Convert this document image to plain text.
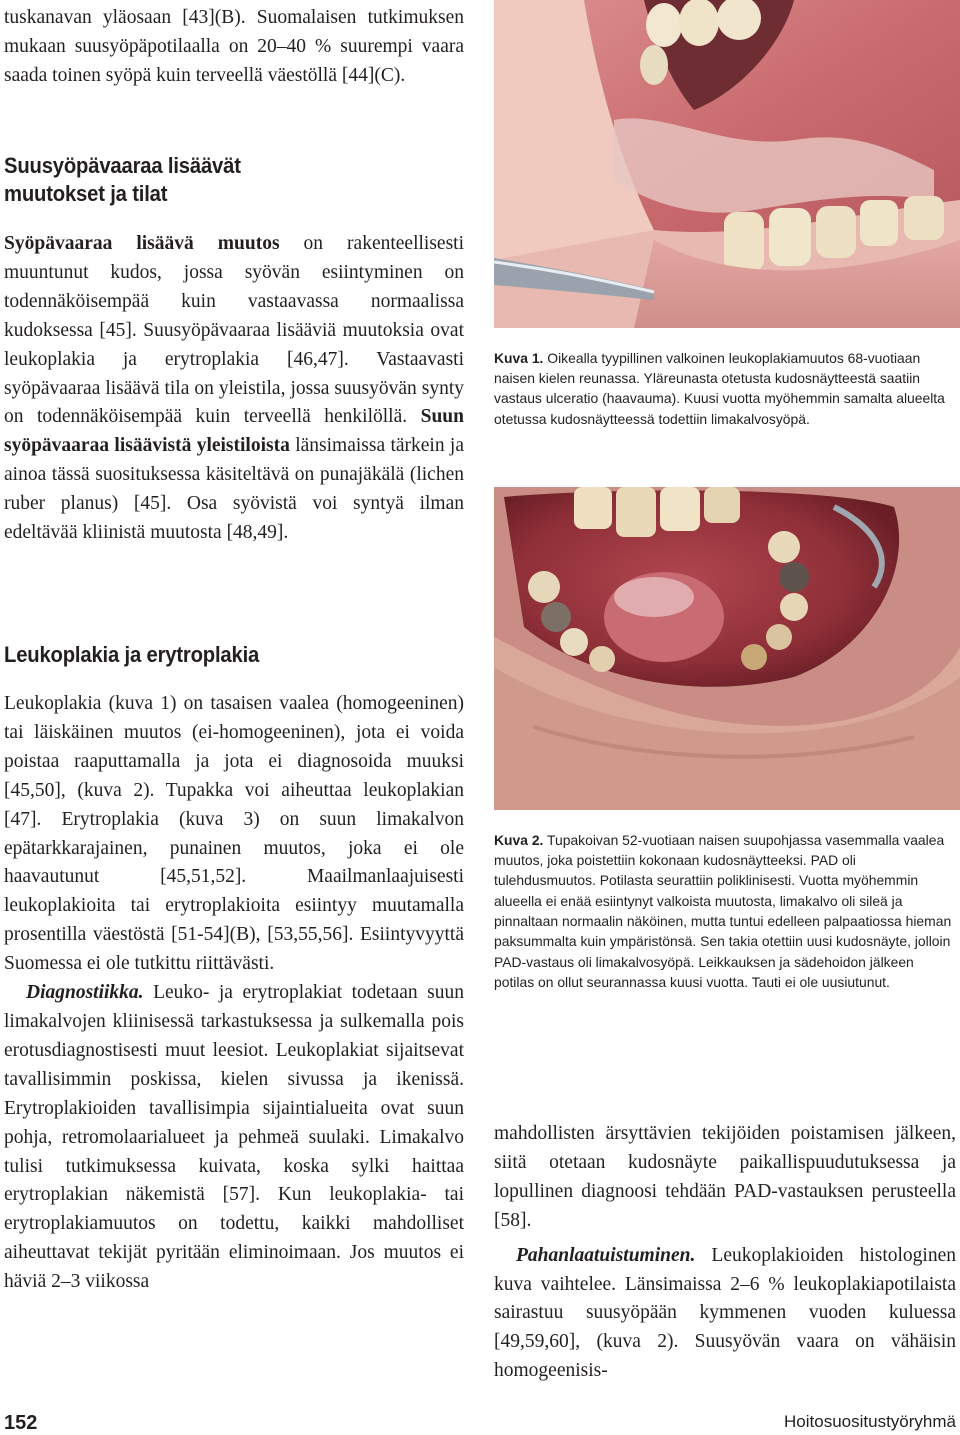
tuskanavan yläosaan [43](B). Suomalaisen tutkimuksen mukaan suusyöpäpotilaalla on 20–40 % suurempi vaara saada toinen syöpä kuin terveellä väestöllä [44](C).

Suusyöpävaaraa lisäävät
muutokset ja tilat

Syöpävaaraa lisäävä muutos on rakenteellisesti muuntunut kudos, jossa syövän esiintyminen on todennäköisempää kuin vastaavassa normaalissa kudoksessa [45]. Suusyöpävaaraa lisääviä muutoksia ovat leukoplakia ja erytroplakia [46,47]. Vastaavasti syöpävaaraa lisäävä tila on yleistila, jossa suusyövän synty on todennäköisempää kuin terveellä henkilöllä. Suun syöpävaaraa lisäävistä yleistiloista länsimaissa tärkein ja ainoa tässä suosituksessa käsiteltävä on punajäkälä (lichen ruber planus) [45]. Osa syövistä voi syntyä ilman edeltävää kliinistä muutosta [48,49].

Leukoplakia ja erytroplakia

Leukoplakia (kuva 1) on tasaisen vaalea (homogeeninen) tai läiskäinen muutos (ei-homogeeninen), jota ei voida poistaa raaputtamalla ja jota ei diagnosoida muuksi [45,50], (kuva 2). Tupakka voi aiheuttaa leukoplakian [47]. Erytroplakia (kuva 3) on suun limakalvon epätarkkarajainen, punainen muutos, joka ei ole haavautunut [45,51,52]. Maailmanlaajuisesti leukoplakioita tai erytroplakioita esiintyy muutamalla prosentilla väestöstä [51-54](B), [53,55,56]. Esiintyvyyttä Suomessa ei ole tutkittu riittävästi.

Diagnostiikka. Leuko- ja erytroplakiat todetaan suun limakalvojen kliinisessä tarkastuksessa ja sulkemalla pois erotusdiagnostisesti muut leesiot. Leukoplakiat sijaitsevat tavallisimmin poskissa, kielen sivussa ja ikenissä. Erytroplakioiden tavallisimpia sijaintialueita ovat suun pohja, retromolaarialueet ja pehmeä suulaki. Limakalvo tulisi tutkimuksessa kuivata, koska sylki haittaa erytroplakian näkemistä [57]. Kun leukoplakia- tai erytroplakiamuutos on todettu, kaikki mahdolliset aiheuttavat tekijät pyritään eliminoimaan. Jos muutos ei häviä 2–3 viikossa

Kuva 1. Oikealla tyypillinen valkoinen leukoplakiamuutos 68-vuotiaan naisen kielen reunassa. Yläreunasta otetusta kudosnäytteestä saatiin vastaus ulceratio (haavauma). Kuusi vuotta myöhemmin samalta alueelta otetussa kudosnäytteessä todettiin limakalvosyöpä.

Kuva 2. Tupakoivan 52-vuotiaan naisen suupohjassa vasemmalla vaalea muutos, joka poistettiin kokonaan kudosnäytteeksi. PAD oli tulehdusmuutos. Potilasta seurattiin poliklinisesti. Vuotta myöhemmin alueella ei enää esiintynyt valkoista muutosta, limakalvo oli sileä ja pinnaltaan normaalin näköinen, mutta tuntui edelleen palpaatiossa hieman paksummalta kuin ympäristönsä. Sen takia otettiin uusi kudosnäyte, jolloin PAD-vastaus oli limakalvosyöpä. Leikkauksen ja sädehoidon jälkeen potilas on ollut seurannassa kuusi vuotta. Tauti ei ole uusiutunut.

mahdollisten ärsyttävien tekijöiden poistamisen jälkeen, siitä otetaan kudosnäyte paikallispuudutuksessa ja lopullinen diagnoosi tehdään PAD-vastauksen perusteella [58].

Pahanlaatuistuminen. Leukoplakioiden histologinen kuva vaihtelee. Länsimaissa 2–6 % leukoplakiapotilaista sairastuu suusyöpään kymmenen vuoden kuluessa [49,59,60], (kuva 2). Suusyövän vaara on vähäisin homogeenisis-

152	Hoitosuositustyöryhmä
